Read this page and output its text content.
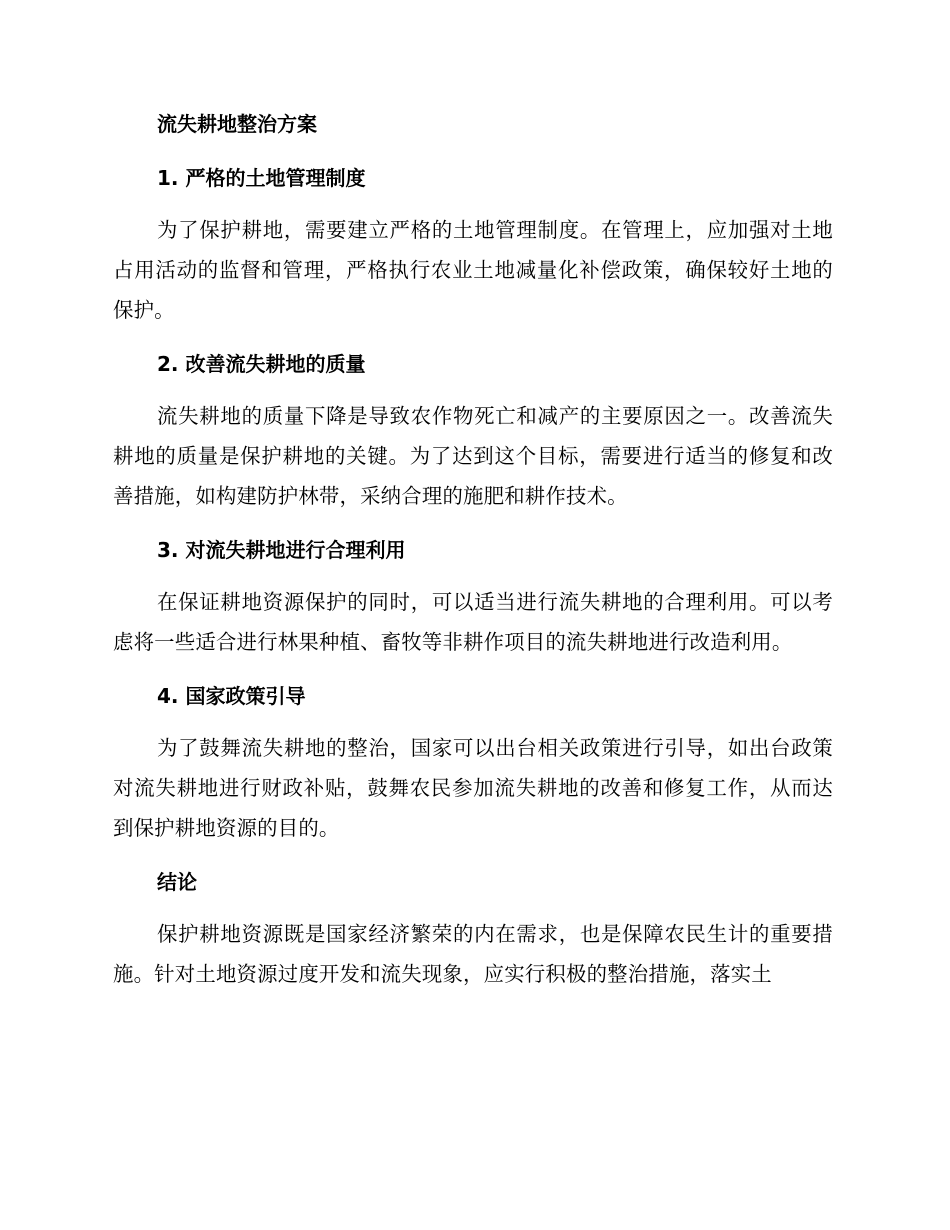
流失耕地整治方案
1. 严格的土地管理制度
为了保护耕地，需要建立严格的土地管理制度。在管理上，应加强对土地占用活动的监督和管理，严格执行农业土地减量化补偿政策，确保较好土地的保护。
2. 改善流失耕地的质量
流失耕地的质量下降是导致农作物死亡和减产的主要原因之一。改善流失耕地的质量是保护耕地的关键。为了达到这个目标，需要进行适当的修复和改善措施，如构建防护林带，采纳合理的施肥和耕作技术。
3. 对流失耕地进行合理利用
在保证耕地资源保护的同时，可以适当进行流失耕地的合理利用。可以考虑将一些适合进行林果种植、畜牧等非耕作项目的流失耕地进行改造利用。
4. 国家政策引导
为了鼓舞流失耕地的整治，国家可以出台相关政策进行引导，如出台政策对流失耕地进行财政补贴，鼓舞农民参加流失耕地的改善和修复工作，从而达到保护耕地资源的目的。
结论
保护耕地资源既是国家经济繁荣的内在需求，也是保障农民生计的重要措施。针对土地资源过度开发和流失现象，应实行积极的整治措施，落实土
